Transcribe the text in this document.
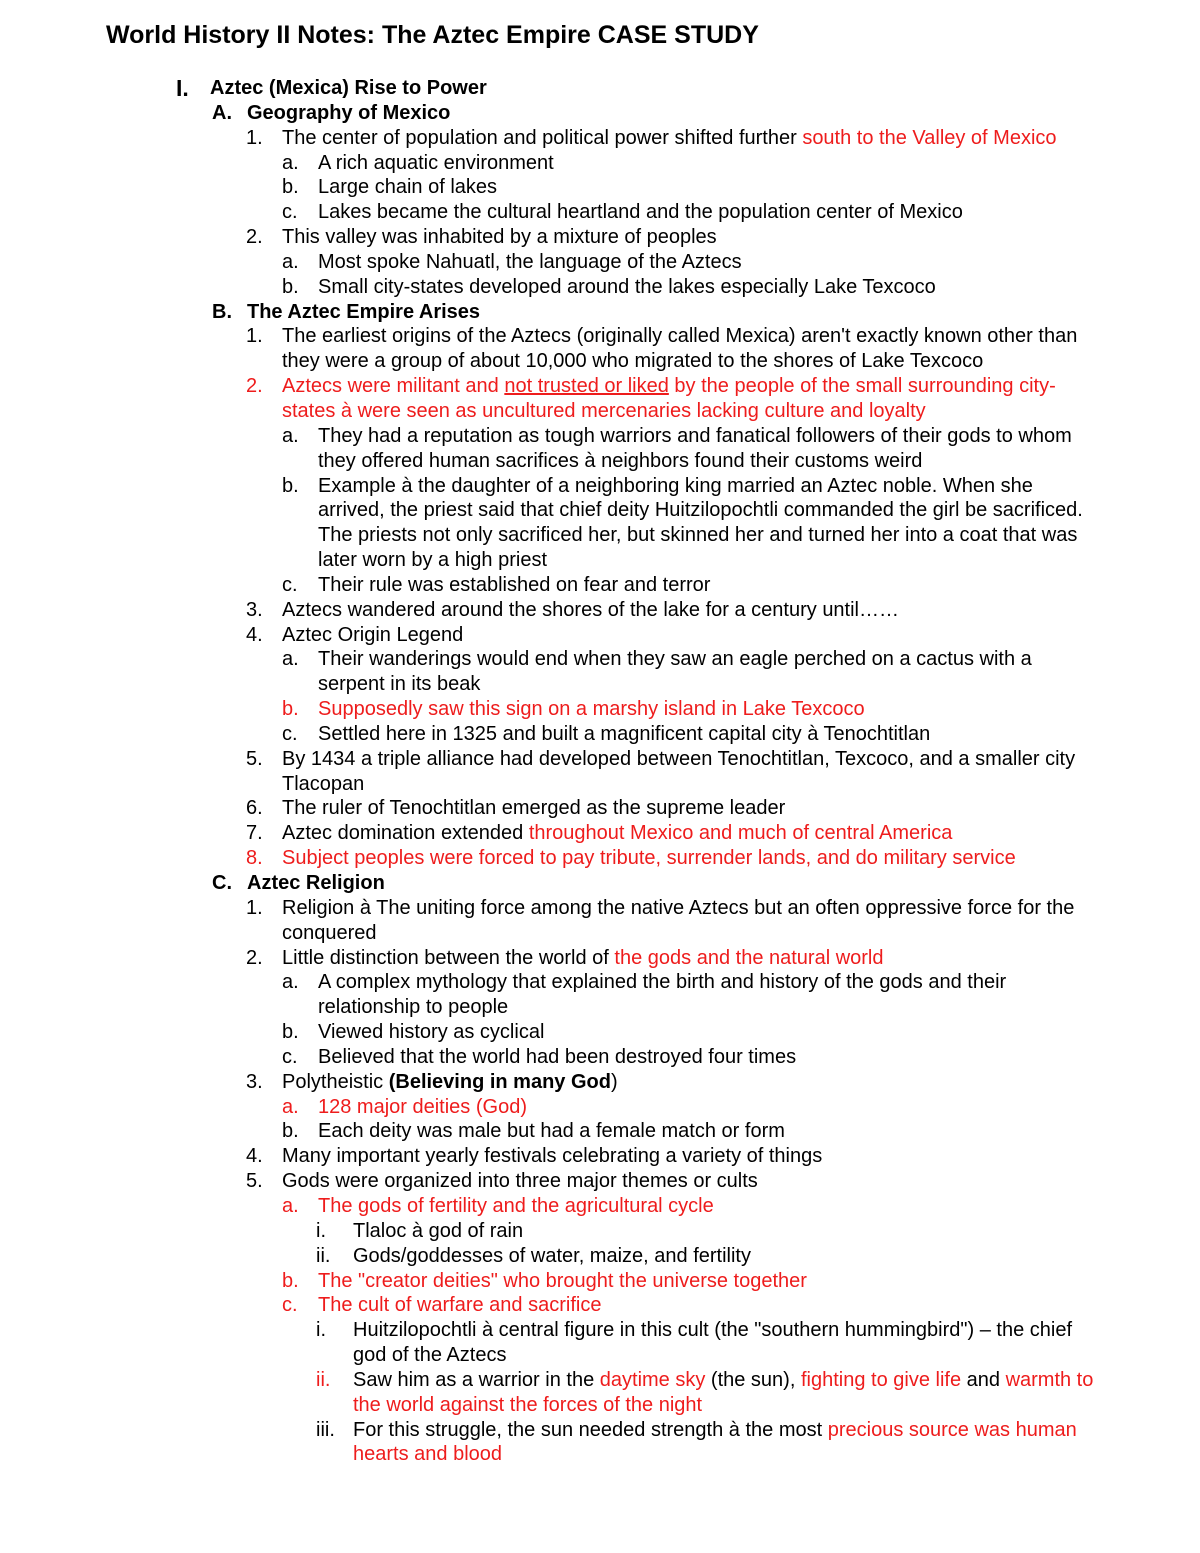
World History II Notes: The Aztec Empire CASE STUDY
I. Aztec (Mexica) Rise to Power
A. Geography of Mexico
1. The center of population and political power shifted further south to the Valley of Mexico
a. A rich aquatic environment
b. Large chain of lakes
c. Lakes became the cultural heartland and the population center of Mexico
2. This valley was inhabited by a mixture of peoples
a. Most spoke Nahuatl, the language of the Aztecs
b. Small city-states developed around the lakes especially Lake Texcoco
B. The Aztec Empire Arises
1. The earliest origins of the Aztecs (originally called Mexica) aren't exactly known other than
they were a group of about 10,000 who migrated to the shores of Lake Texcoco
2. Aztecs were militant and not trusted or liked by the people of the small surrounding city-
states à were seen as uncultured mercenaries lacking culture and loyalty
a. They had a reputation as tough warriors and fanatical followers of their gods to whom
they offered human sacrifices à neighbors found their customs weird
b. Example à the daughter of a neighboring king married an Aztec noble. When she
arrived, the priest said that chief deity Huitzilopochtli commanded the girl be sacrificed.
The priests not only sacrificed her, but skinned her and turned her into a coat that was
later worn by a high priest
c. Their rule was established on fear and terror
3. Aztecs wandered around the shores of the lake for a century until……
4. Aztec Origin Legend
a. Their wanderings would end when they saw an eagle perched on a cactus with a
serpent in its beak
b. Supposedly saw this sign on a marshy island in Lake Texcoco
c. Settled here in 1325 and built a magnificent capital city à Tenochtitlan
5. By 1434 a triple alliance had developed between Tenochtitlan, Texcoco, and a smaller city
Tlacopan
6. The ruler of Tenochtitlan emerged as the supreme leader
7. Aztec domination extended throughout Mexico and much of central America
8. Subject peoples were forced to pay tribute, surrender lands, and do military service
C. Aztec Religion
1. Religion à The uniting force among the native Aztecs but an often oppressive force for the
conquered
2. Little distinction between the world of the gods and the natural world
a. A complex mythology that explained the birth and history of the gods and their
relationship to people
b. Viewed history as cyclical
c. Believed that the world had been destroyed four times
3. Polytheistic (Believing in many God)
a. 128 major deities (God)
b. Each deity was male but had a female match or form
4. Many important yearly festivals celebrating a variety of things
5. Gods were organized into three major themes or cults
a. The gods of fertility and the agricultural cycle
i. Tlaloc à god of rain
ii. Gods/goddesses of water, maize, and fertility
b. The "creator deities" who brought the universe together
c. The cult of warfare and sacrifice
i. Huitzilopochtli à central figure in this cult (the "southern hummingbird") – the chief
god of the Aztecs
ii. Saw him as a warrior in the daytime sky (the sun), fighting to give life and warmth to
the world against the forces of the night
iii. For this struggle, the sun needed strength à the most precious source was human
hearts and blood
